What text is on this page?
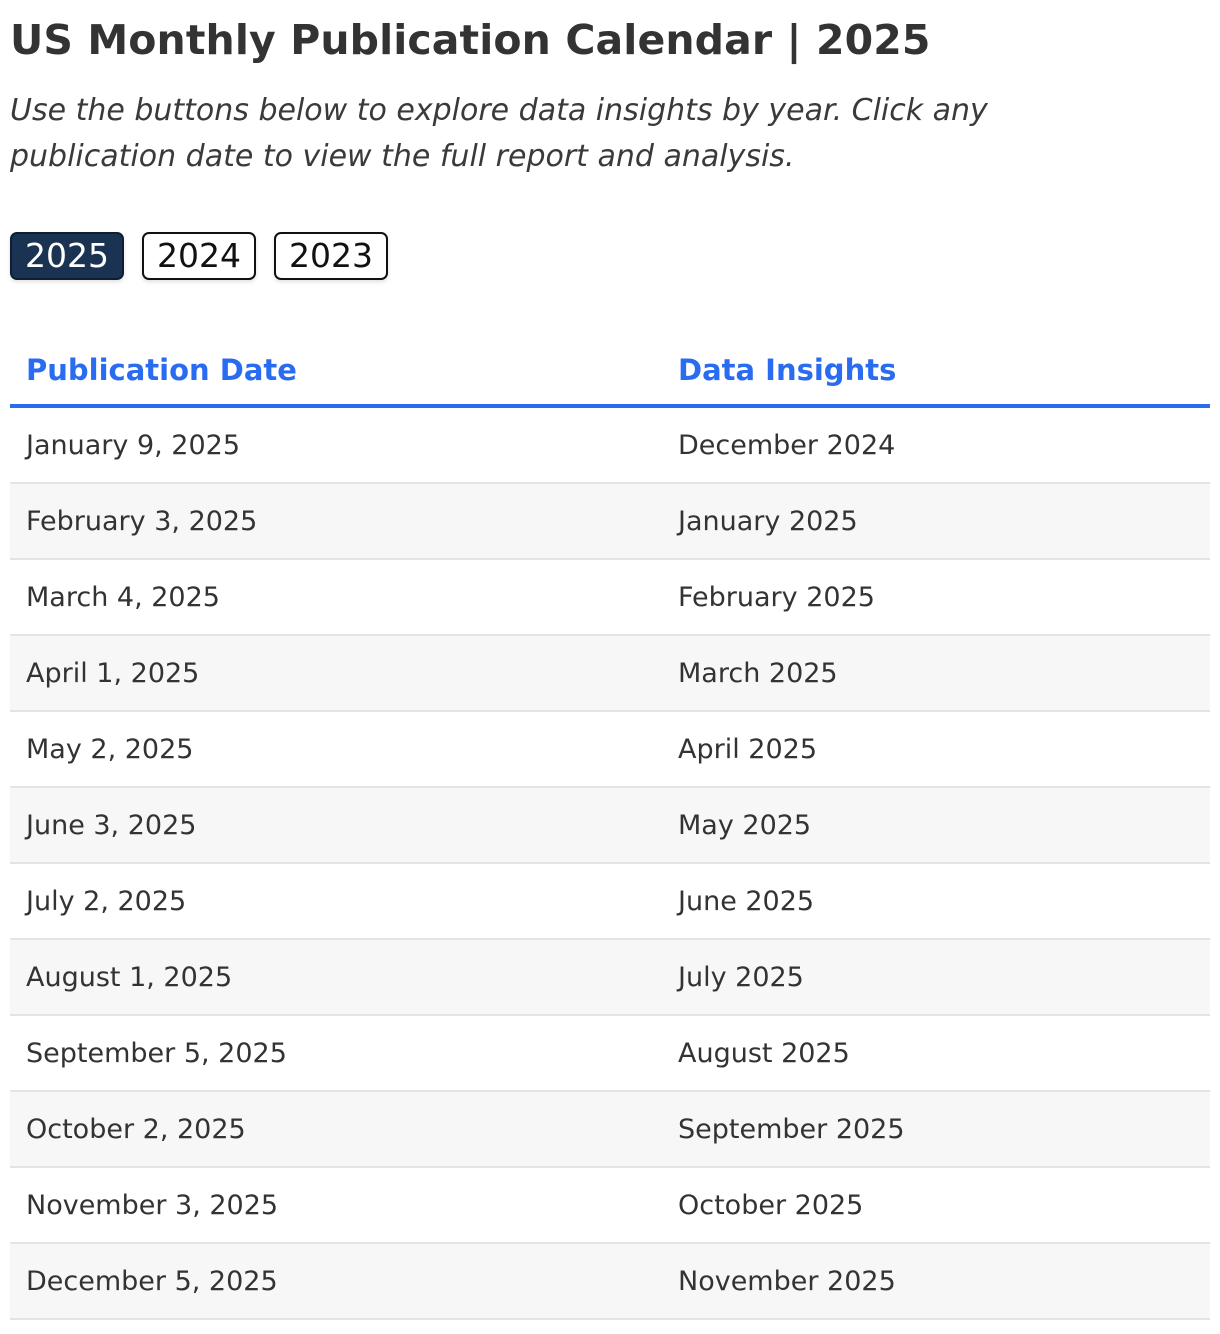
US Monthly Publication Calendar | 2025

Use the buttons below to explore data insights by year. Click any publication date to view the full report and analysis.

2025	2024	2023
Publication Date	Data Insights
January 9, 2025	December 2024
February 3, 2025	January 2025
March 4, 2025	February 2025
April 1, 2025	March 2025
May 2, 2025	April 2025
June 3, 2025	May 2025
July 2, 2025	June 2025
August 1, 2025	July 2025
September 5, 2025	August 2025
October 2, 2025	September 2025
November 3, 2025	October 2025
December 5, 2025	November 2025
